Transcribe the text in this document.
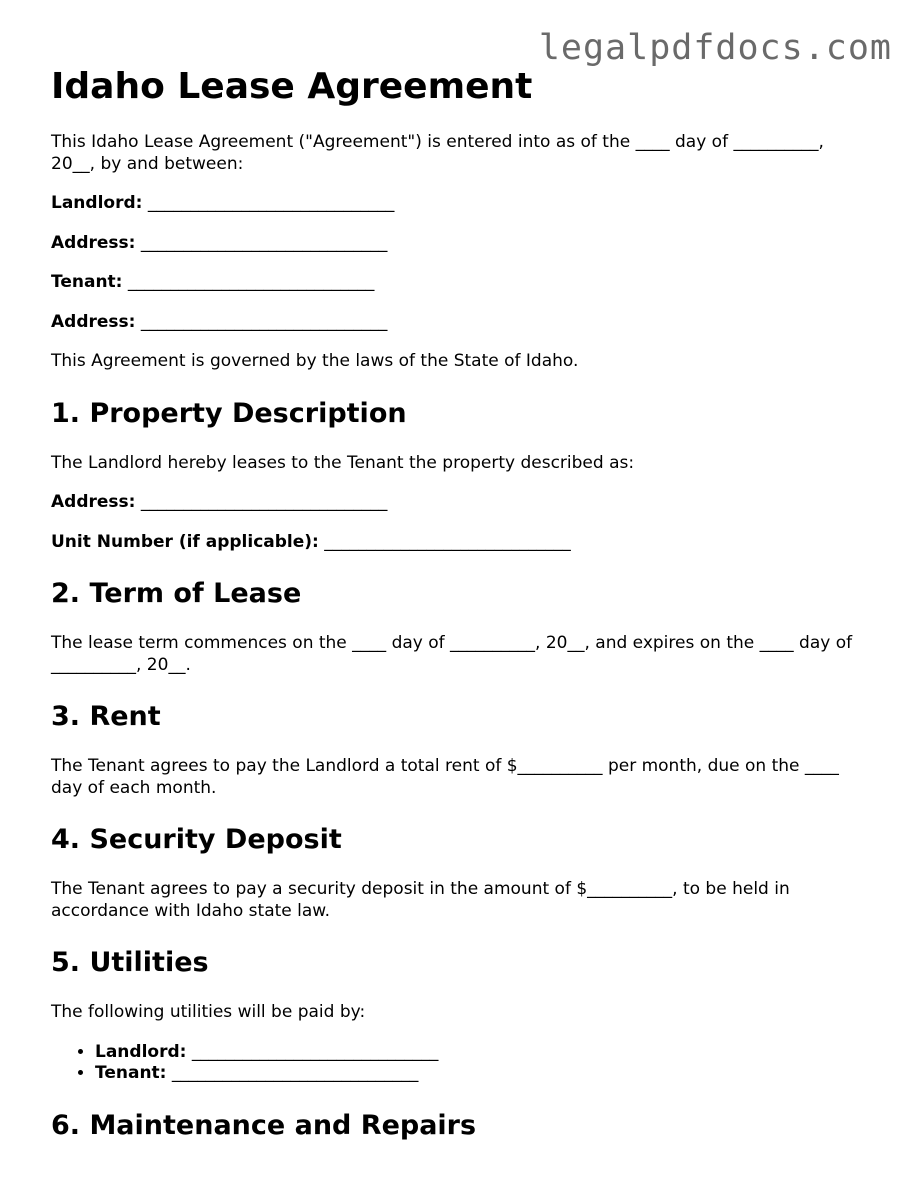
legalpdfdocs.com
Idaho Lease Agreement

This Idaho Lease Agreement ("Agreement") is entered into as of the ____ day of __________, 20__, by and between:

Landlord: _____________________________

Address: _____________________________

Tenant: _____________________________

Address: _____________________________

This Agreement is governed by the laws of the State of Idaho.

1. Property Description

The Landlord hereby leases to the Tenant the property described as:

Address: _____________________________

Unit Number (if applicable): _____________________________

2. Term of Lease

The lease term commences on the ____ day of __________, 20__, and expires on the ____ day of __________, 20__.

3. Rent

The Tenant agrees to pay the Landlord a total rent of $__________ per month, due on the ____ day of each month.

4. Security Deposit

The Tenant agrees to pay a security deposit in the amount of $__________, to be held in accordance with Idaho state law.

5. Utilities

The following utilities will be paid by:

• Landlord: _____________________________
• Tenant: _____________________________
6. Maintenance and Repairs
